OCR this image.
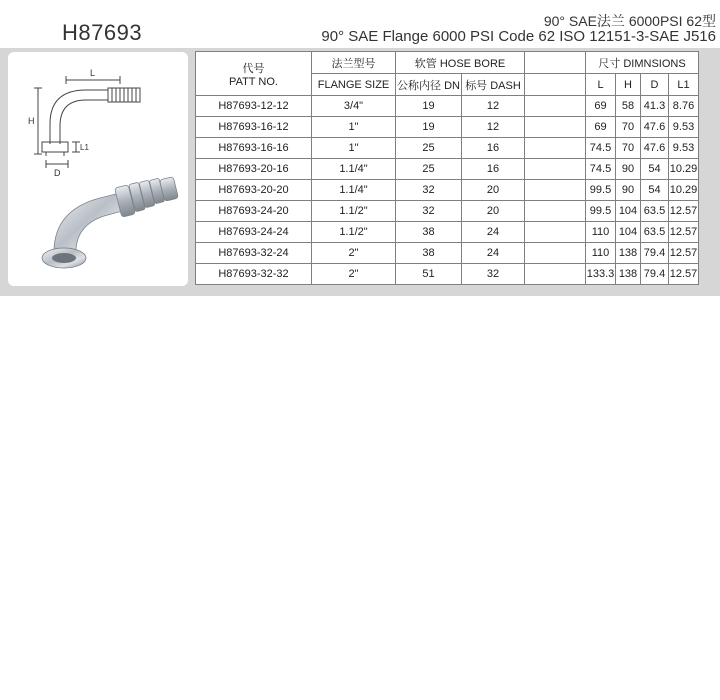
H87693	90° SAE法兰 6000PSI 62型
90° SAE Flange 6000 PSI Code 62 ISO 12151-3-SAE J516
L
H
D
L1
代号
PATT NO.	法兰型号	软管 HOSE BORE			尺寸 DIMNSIONS			
	FLANGE SIZE	公称内径 DN	标号 DASH		L	H	D	L1
H87693-12-12	3/4"	19	12		69	58	41.3	8.76
H87693-16-12	1"	19	12		69	70	47.6	9.53
H87693-16-16	1"	25	16		74.5	70	47.6	9.53
H87693-20-16	1.1/4"	25	16		74.5	90	54	10.29
H87693-20-20	1.1/4"	32	20		99.5	90	54	10.29
H87693-24-20	1.1/2"	32	20		99.5	104	63.5	12.57
H87693-24-24	1.1/2"	38	24		110	104	63.5	12.57
H87693-32-24	2"	38	24		110	138	79.4	12.57
H87693-32-32	2"	51	32		133.3	138	79.4	12.57
